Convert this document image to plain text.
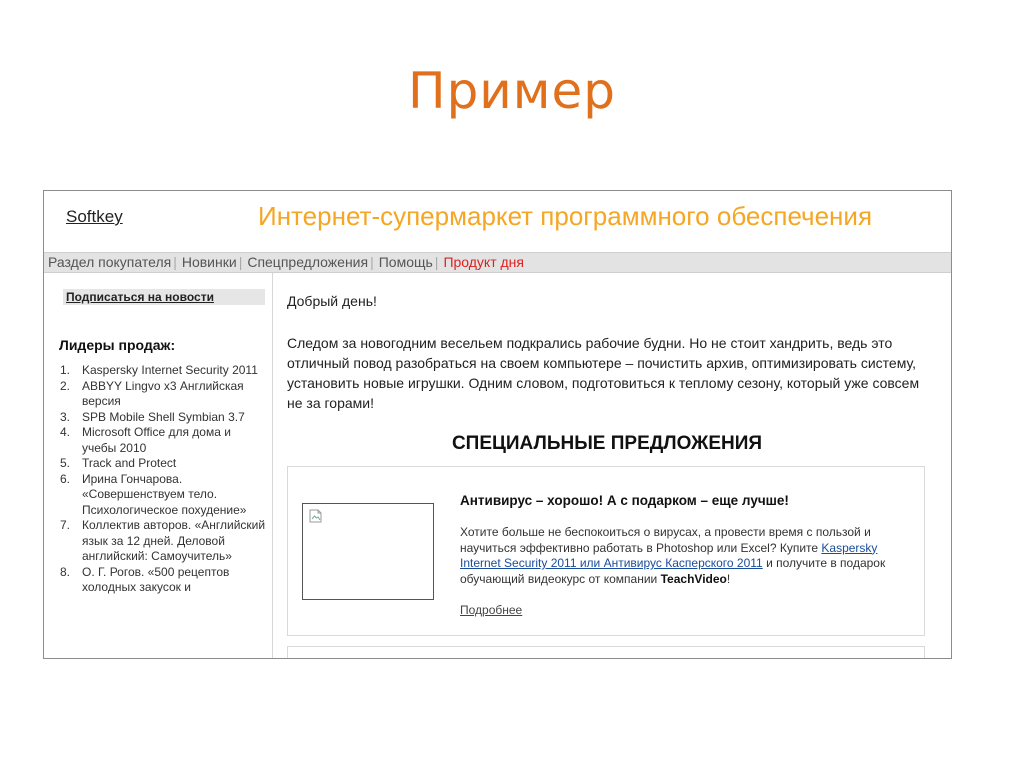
Пример
Softkey	Интернет-супермаркет программного обеспечения
Раздел покупателя | Новинки | Спецпредложения | Помощь | Продукт дня
Подписаться на новости
Лидеры продаж:
1. Kaspersky Internet Security 2011
2. ABBYY Lingvo x3 Английская версия
3. SPB Mobile Shell Symbian 3.7
4. Microsoft Office для дома и учебы 2010
5. Track and Protect
6. Ирина Гончарова. «Совершенствуем тело. Психологическое похудение»
7. Коллектив авторов. «Английский язык за 12 дней. Деловой английский: Самоучитель»
8. О. Г. Рогов. «500 рецептов холодных закусок и
Добрый день!
Следом за новогодним весельем подкрались рабочие будни. Но не стоит хандрить, ведь это отличный повод разобраться на своем компьютере – почистить архив, оптимизировать систему, установить новые игрушки. Одним словом, подготовиться к теплому сезону, который уже совсем не за горами!
СПЕЦИАЛЬНЫЕ ПРЕДЛОЖЕНИЯ
Антивирус – хорошо! А с подарком – еще лучше!
Хотите больше не беспокоиться о вирусах, а провести время с пользой и научиться эффективно работать в Photoshop или Excel? Купите Kaspersky Internet Security 2011 или Антивирус Касперского 2011 и получите в подарок обучающий видеокурс от компании TeachVideo!
Подробнее
